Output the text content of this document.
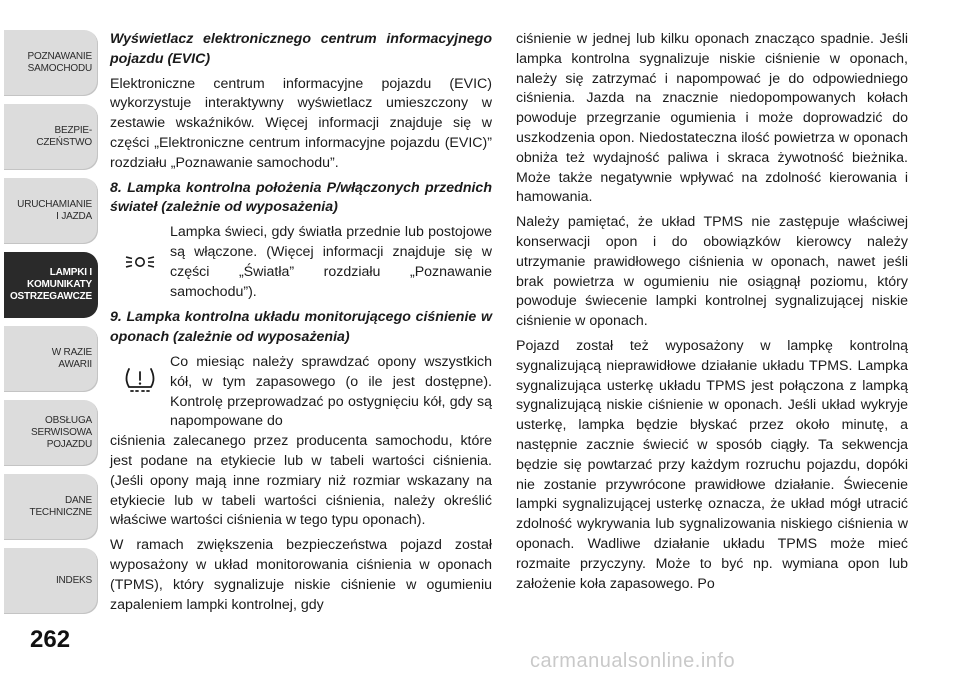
POZNAWANIE
SAMOCHODU
BEZPIE-
CZEŃSTWO
URUCHAMIANIE
I JAZDA
LAMPKI I
KOMUNIKATY
OSTRZEGAWCZE
W RAZIE
AWARII
OBSŁUGA
SERWISOWA
POJAZDU
DANE
TECHNICZNE
INDEKS
262
carmanualsonline.info

Wyświetlacz elektronicznego centrum informacyjnego pojazdu (EVIC)

Elektroniczne centrum informacyjne pojazdu (EVIC) wykorzystuje interaktywny wyświetlacz umieszczony w zestawie wskaźników. Więcej informacji znajduje się w części „Elektroniczne centrum informacyjne pojazdu (EVIC)” rozdziału „Poznawanie samochodu”.

8. Lampka kontrolna położenia P/włączonych przednich świateł (zależnie od wyposażenia)

Lampka świeci, gdy światła przednie lub postojowe są włączone. (Więcej informacji znajduje się w części „Światła” rozdziału „Poznawanie samochodu”).

9. Lampka kontrolna układu monitorującego ciśnienie w oponach (zależnie od wyposażenia)

Co miesiąc należy sprawdzać opony wszystkich kół, w tym zapasowego (o ile jest dostępne). Kontrolę przeprowadzać po ostygnięciu kół, gdy są napompowane do

ciśnienia zalecanego przez producenta samochodu, które jest podane na etykiecie lub w tabeli wartości ciśnienia. (Jeśli opony mają inne rozmiary niż rozmiar wskazany na etykiecie lub w tabeli wartości ciśnienia, należy określić właściwe wartości ciśnienia w tego typu oponach).

W ramach zwiększenia bezpieczeństwa pojazd został wyposażony w układ monitorowania ciśnienia w oponach (TPMS), który sygnalizuje niskie ciśnienie w ogumieniu zapaleniem lampki kontrolnej, gdy

ciśnienie w jednej lub kilku oponach znacząco spadnie. Jeśli lampka kontrolna sygnalizuje niskie ciśnienie w oponach, należy się zatrzymać i napompować je do odpowiedniego ciśnienia. Jazda na znacznie niedopompowanych kołach powoduje przegrzanie ogumienia i może doprowadzić do uszkodzenia opon. Niedostateczna ilość powietrza w oponach obniża też wydajność paliwa i skraca żywotność bieżnika. Może także negatywnie wpływać na zdolność kierowania i hamowania.

Należy pamiętać, że układ TPMS nie zastępuje właściwej konserwacji opon i do obowiązków kierowcy należy utrzymanie prawidłowego ciśnienia w oponach, nawet jeśli brak powietrza w ogumieniu nie osiągnął poziomu, który powoduje świecenie lampki kontrolnej sygnalizującej niskie ciśnienie w oponach.

Pojazd został też wyposażony w lampkę kontrolną sygnalizującą nieprawidłowe działanie układu TPMS. Lampka sygnalizująca usterkę układu TPMS jest połączona z lampką sygnalizującą niskie ciśnienie w oponach. Jeśli układ wykryje usterkę, lampka będzie błyskać przez około minutę, a następnie zacznie świecić w sposób ciągły. Ta sekwencja będzie się powtarzać przy każdym rozruchu pojazdu, dopóki nie zostanie przywrócone prawidłowe działanie. Świecenie lampki sygnalizującej usterkę oznacza, że układ mógł utracić zdolność wykrywania lub sygnalizowania niskiego ciśnienia w oponach. Wadliwe działanie układu TPMS może mieć rozmaite przyczyny. Może to być np. wymiana opon lub założenie koła zapasowego. Po
